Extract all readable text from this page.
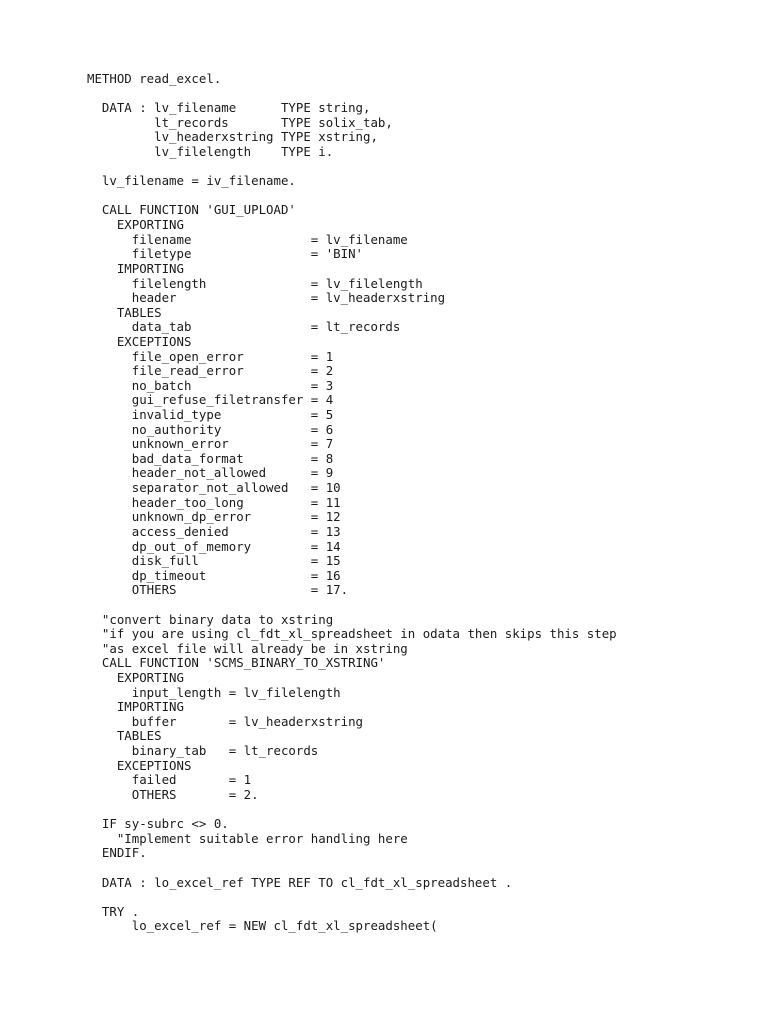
METHOD read_excel.
DATA : lv_filename      TYPE string,
lt_records       TYPE solix_tab,
lv_headerxstring TYPE xstring,
lv_filelength    TYPE i.
lv_filename = iv_filename.
CALL FUNCTION 'GUI_UPLOAD'
EXPORTING
filename                = lv_filename
filetype                = 'BIN'
IMPORTING
filelength              = lv_filelength
header                  = lv_headerxstring
TABLES
data_tab                = lt_records
EXCEPTIONS
file_open_error         = 1
file_read_error         = 2
no_batch                = 3
gui_refuse_filetransfer = 4
invalid_type            = 5
no_authority            = 6
unknown_error           = 7
bad_data_format         = 8
header_not_allowed      = 9
separator_not_allowed   = 10
header_too_long         = 11
unknown_dp_error        = 12
access_denied           = 13
dp_out_of_memory        = 14
disk_full               = 15
dp_timeout              = 16
OTHERS                  = 17.
"convert binary data to xstring
"if you are using cl_fdt_xl_spreadsheet in odata then skips this step
"as excel file will already be in xstring
CALL FUNCTION 'SCMS_BINARY_TO_XSTRING'
EXPORTING
input_length = lv_filelength
IMPORTING
buffer       = lv_headerxstring
TABLES
binary_tab   = lt_records
EXCEPTIONS
failed       = 1
OTHERS       = 2.
IF sy-subrc <> 0.
"Implement suitable error handling here
ENDIF.
DATA : lo_excel_ref TYPE REF TO cl_fdt_xl_spreadsheet .
TRY .
lo_excel_ref = NEW cl_fdt_xl_spreadsheet(
